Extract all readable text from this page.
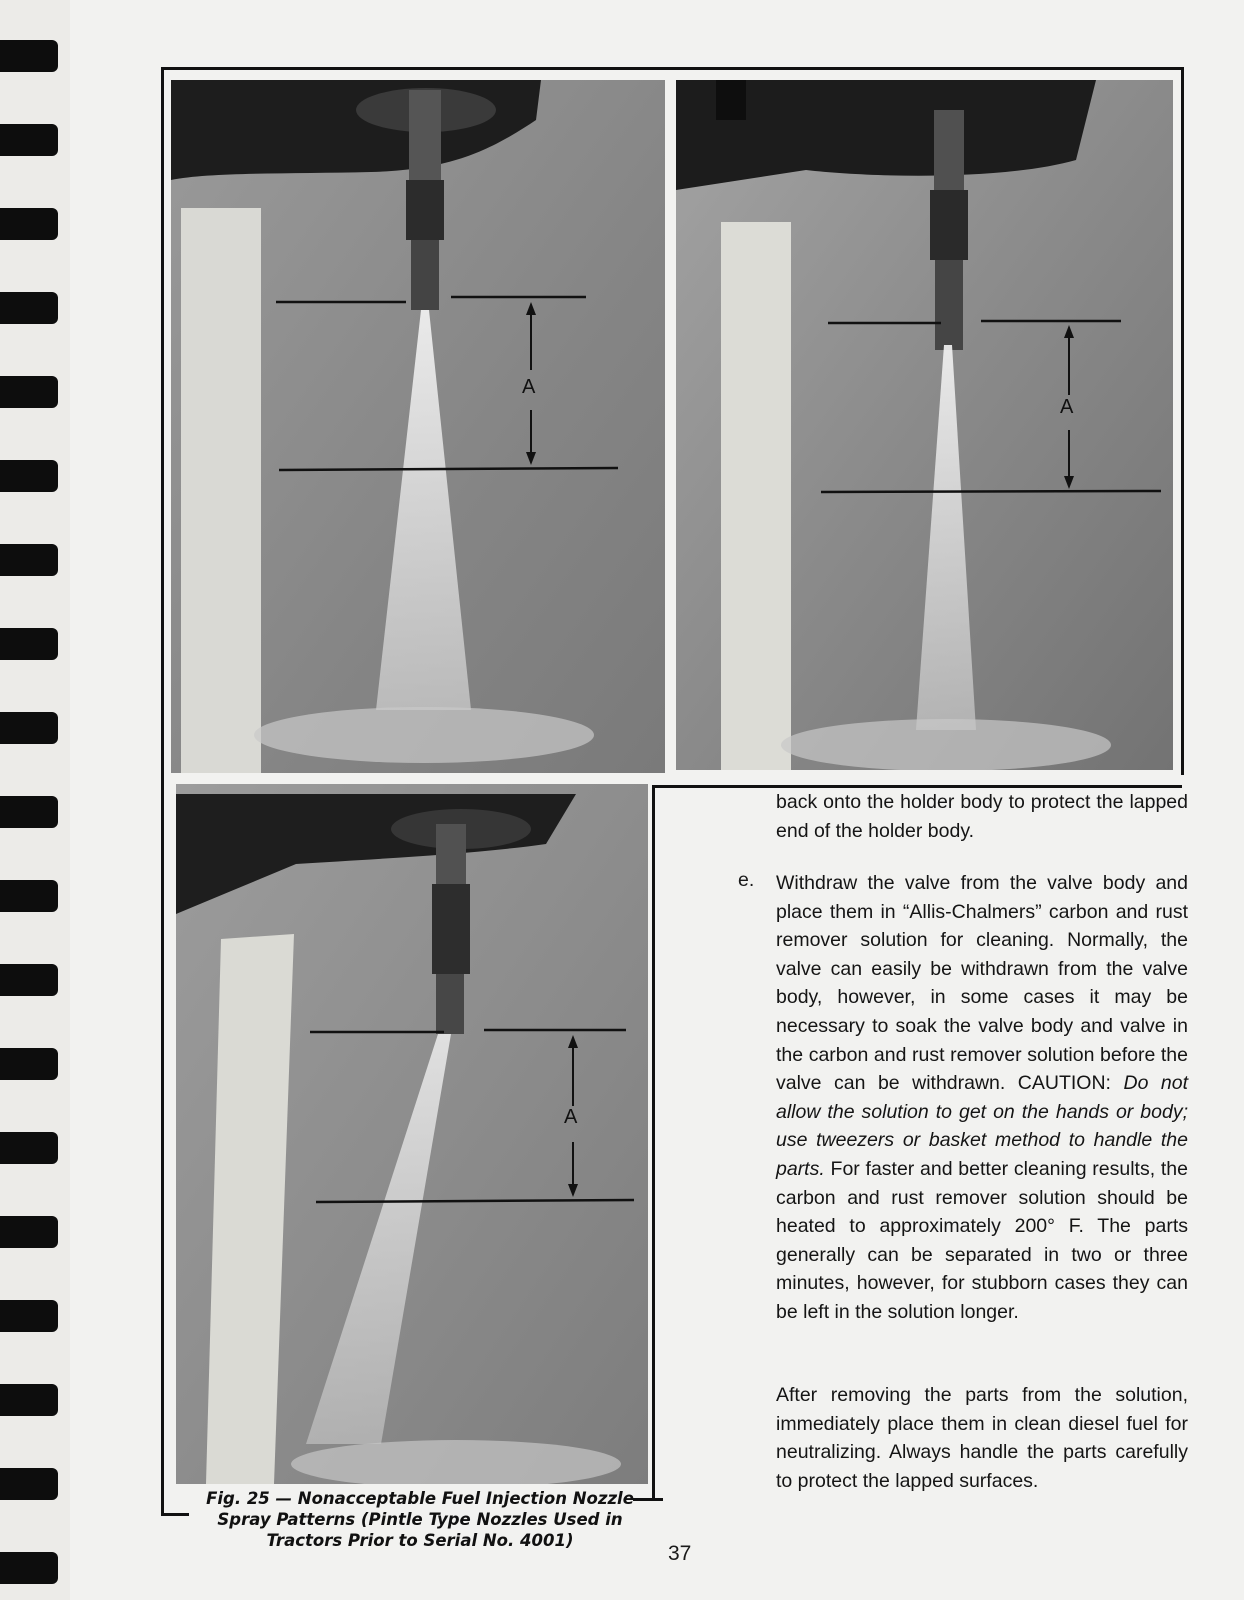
A
A
A
Fig. 25 — Nonacceptable Fuel Injection Nozzle Spray Patterns (Pintle Type Nozzles Used in Tractors Prior to Serial No. 4001)
back onto the holder body to protect the lapped end of the holder body.
e. Withdraw the valve from the valve body and place them in “Allis-Chalmers” carbon and rust remover solution for cleaning. Normally, the valve can easily be withdrawn from the valve body, however, in some cases it may be necessary to soak the valve body and valve in the carbon and rust remover solution before the valve can be withdrawn. CAUTION: Do not allow the solution to get on the hands or body; use tweezers or basket method to handle the parts. For faster and better cleaning results, the carbon and rust remover solution should be heated to approximately 200° F. The parts generally can be separated in two or three minutes, however, for stubborn cases they can be left in the solution longer.
After removing the parts from the solution, immediately place them in clean diesel fuel for neutralizing. Always handle the parts carefully to protect the lapped surfaces.
37
